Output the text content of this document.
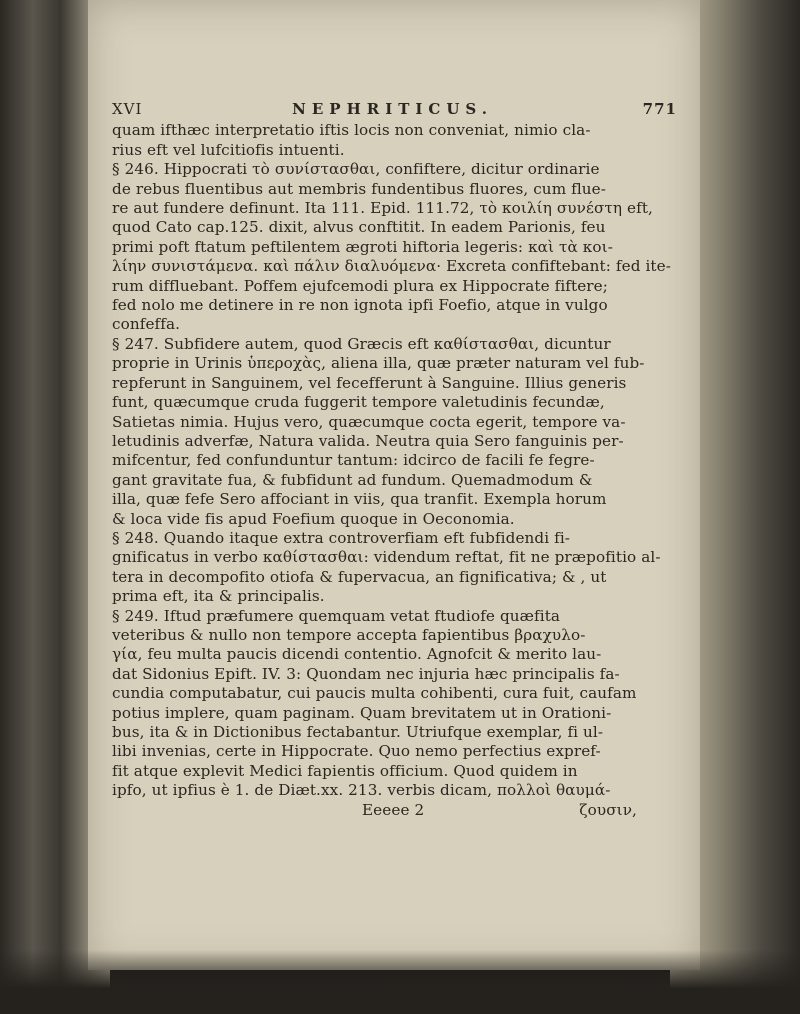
XVI	NEPHRITICUS.	771
quam ifthæc interpretatio iftis locis non conveniat, nimio cla-
rius eft vel lufcitiofis intuenti.
§ 246. Hippocrati τὸ συνίστασθαι, confiftere, dicitur ordinarie
de rebus fluentibus aut membris fundentibus fluores, cum flue-
re aut fundere definunt. Ita 111. Epid. 111.72, τὸ κοιλίη συνέστη eft,
quod Cato cap.125. dixit, alvus conftitit. In eadem Parionis, feu
primi poft ftatum peftilentem ægroti hiftoria legeris: καὶ τὰ κοι-
λίην συνιστάμενα. καὶ πάλιν διαλυόμενα· Excreta confiftebant: fed ite-
rum diffluebant. Poffem ejufcemodi plura ex Hippocrate fiftere;
fed nolo me detinere in re non ignota ipfi Foefio, atque in vulgo
confeffa.
§ 247. Subfidere autem, quod Græcis eft καθίστασθαι, dicuntur
proprie in Urinis ὑπεροχὰς, aliena illa, quæ præter naturam vel fub-
repferunt in Sanguinem, vel fecefferunt à Sanguine. Illius generis
funt, quæcumque cruda fuggerit tempore valetudinis fecundæ,
Satietas nimia. Hujus vero, quæcumque cocta egerit, tempore va-
letudinis adverfæ, Natura valida. Neutra quia Sero fanguinis per-
mifcentur, fed confunduntur tantum: idcirco de facili fe fegre-
gant gravitate fua, & fubfidunt ad fundum. Quemadmodum &
illa, quæ fefe Sero affociant in viis, qua tranfit. Exempla horum
& loca vide fis apud Foefium quoque in Oeconomia.
§ 248. Quando itaque extra controverfiam eft fubfidendi fi-
gnificatus in verbo καθίστασθαι: videndum reftat, fit ne præpofitio al-
tera in decompofito otiofa & fupervacua, an fignificativa; & , ut
prima eft, ita & principalis.
§ 249. Iftud præfumere quemquam vetat ftudiofe quæfita
veteribus & nullo non tempore accepta fapientibus βραχυλο-
γία, feu multa paucis dicendi contentio. Agnofcit & merito lau-
dat Sidonius Epift. IV. 3: Quondam nec injuria hæc principalis fa-
cundia computabatur, cui paucis multa cohibenti, cura fuit, caufam
potius implere, quam paginam. Quam brevitatem ut in Orationi-
bus, ita & in Dictionibus fectabantur. Utriufque exemplar, fi ul-
libi invenias, certe in Hippocrate. Quo nemo perfectius expref-
fit atque explevit Medici fapientis officium. Quod quidem in
ipfo, ut ipfius è 1. de Diæt.xx. 213. verbis dicam, πολλοὶ θαυμά-
Eeeee 2	ζουσιν,
